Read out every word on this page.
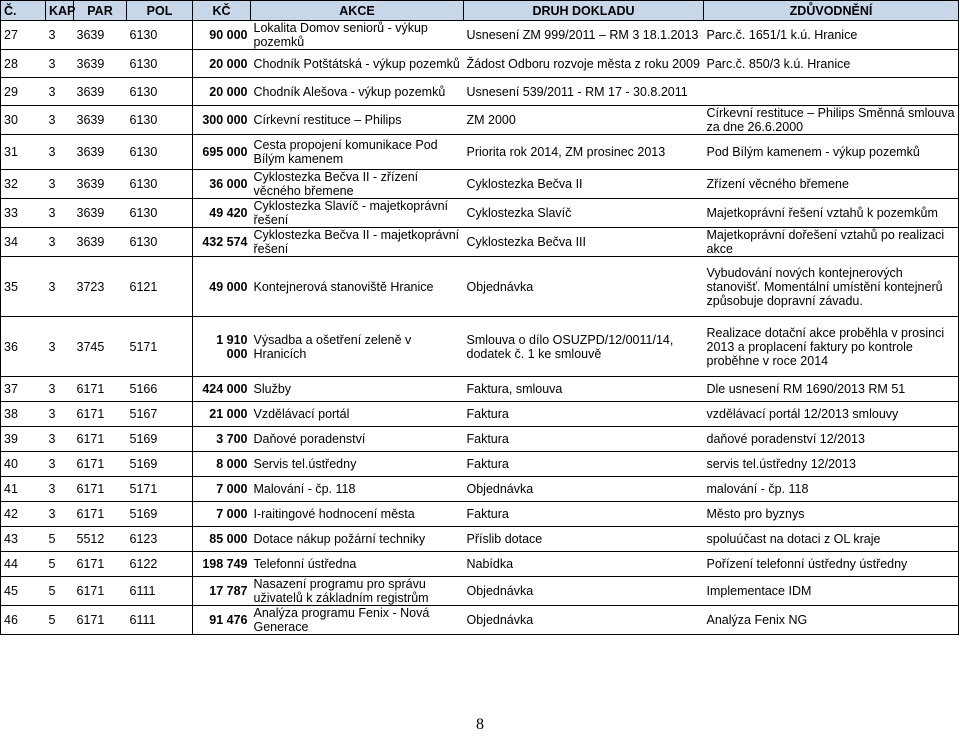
Č.	KAP	PAR	POL	KČ	AKCE	DRUH DOKLADU	ZDŮVODNĚNÍ
27	3	3639	6130	90 000	Lokalita Domov seniorů - výkup pozemků	Usnesení ZM 999/2011 – RM 3 18.1.2013	Parc.č. 1651/1 k.ú. Hranice
28	3	3639	6130	20 000	Chodník Potštátská - výkup pozemků	Žádost Odboru rozvoje města z roku 2009	Parc.č. 850/3 k.ú. Hranice
29	3	3639	6130	20 000	Chodník Alešova - výkup pozemků	Usnesení 539/2011 - RM 17 - 30.8.2011	
30	3	3639	6130	300 000	Církevní restituce – Philips	ZM 2000	Církevní restituce – Philips Směnná smlouva za dne 26.6.2000
31	3	3639	6130	695 000	Cesta propojení komunikace Pod Bílým kamenem	Priorita rok 2014, ZM prosinec 2013	Pod Bílým kamenem - výkup pozemků
32	3	3639	6130	36 000	Cyklostezka Bečva II - zřízení věcného břemene	Cyklostezka Bečva II	Zřízení věcného břemene
33	3	3639	6130	49 420	Cyklostezka Slavíč - majetkoprávní řešení	Cyklostezka Slavíč	Majetkoprávní řešení vztahů k pozemkům
34	3	3639	6130	432 574	Cyklostezka Bečva II - majetkoprávní řešení	Cyklostezka Bečva III	Majetkoprávní dořešení vztahů po realizaci akce
35	3	3723	6121	49 000	Kontejnerová stanoviště Hranice	Objednávka	Vybudování nových kontejnerových stanovišť. Momentální umístění kontejnerů způsobuje dopravní závadu.
36	3	3745	5171	1 910 000	Výsadba a ošetření zeleně v Hranicích	Smlouva o dílo OSUZPD/12/0011/14, dodatek č. 1 ke smlouvě	Realizace dotační akce proběhla v prosinci 2013 a proplacení faktury po kontrole proběhne v roce 2014
37	3	6171	5166	424 000	Služby	Faktura, smlouva	Dle usnesení RM 1690/2013 RM 51
38	3	6171	5167	21 000	Vzdělávací portál	Faktura	vzdělávací portál 12/2013 smlouvy
39	3	6171	5169	3 700	Daňové poradenství	Faktura	daňové poradenství 12/2013
40	3	6171	5169	8 000	Servis tel.ústředny	Faktura	servis tel.ústředny 12/2013
41	3	6171	5171	7 000	Malování - čp. 118	Objednávka	malování - čp. 118
42	3	6171	5169	7 000	I-raitingové hodnocení města	Faktura	Město pro byznys
43	5	5512	6123	85 000	Dotace nákup požární techniky	Příslib dotace	spoluúčast na dotaci z OL kraje
44	5	6171	6122	198 749	Telefonní ústředna	Nabídka	Pořízení telefonní ústředny ústředny
45	5	6171	6111	17 787	Nasazení programu pro správu uživatelů k základním registrům	Objednávka	Implementace IDM
46	5	6171	6111	91 476	Analýza programu Fenix - Nová Generace	Objednávka	Analýza Fenix NG
8
